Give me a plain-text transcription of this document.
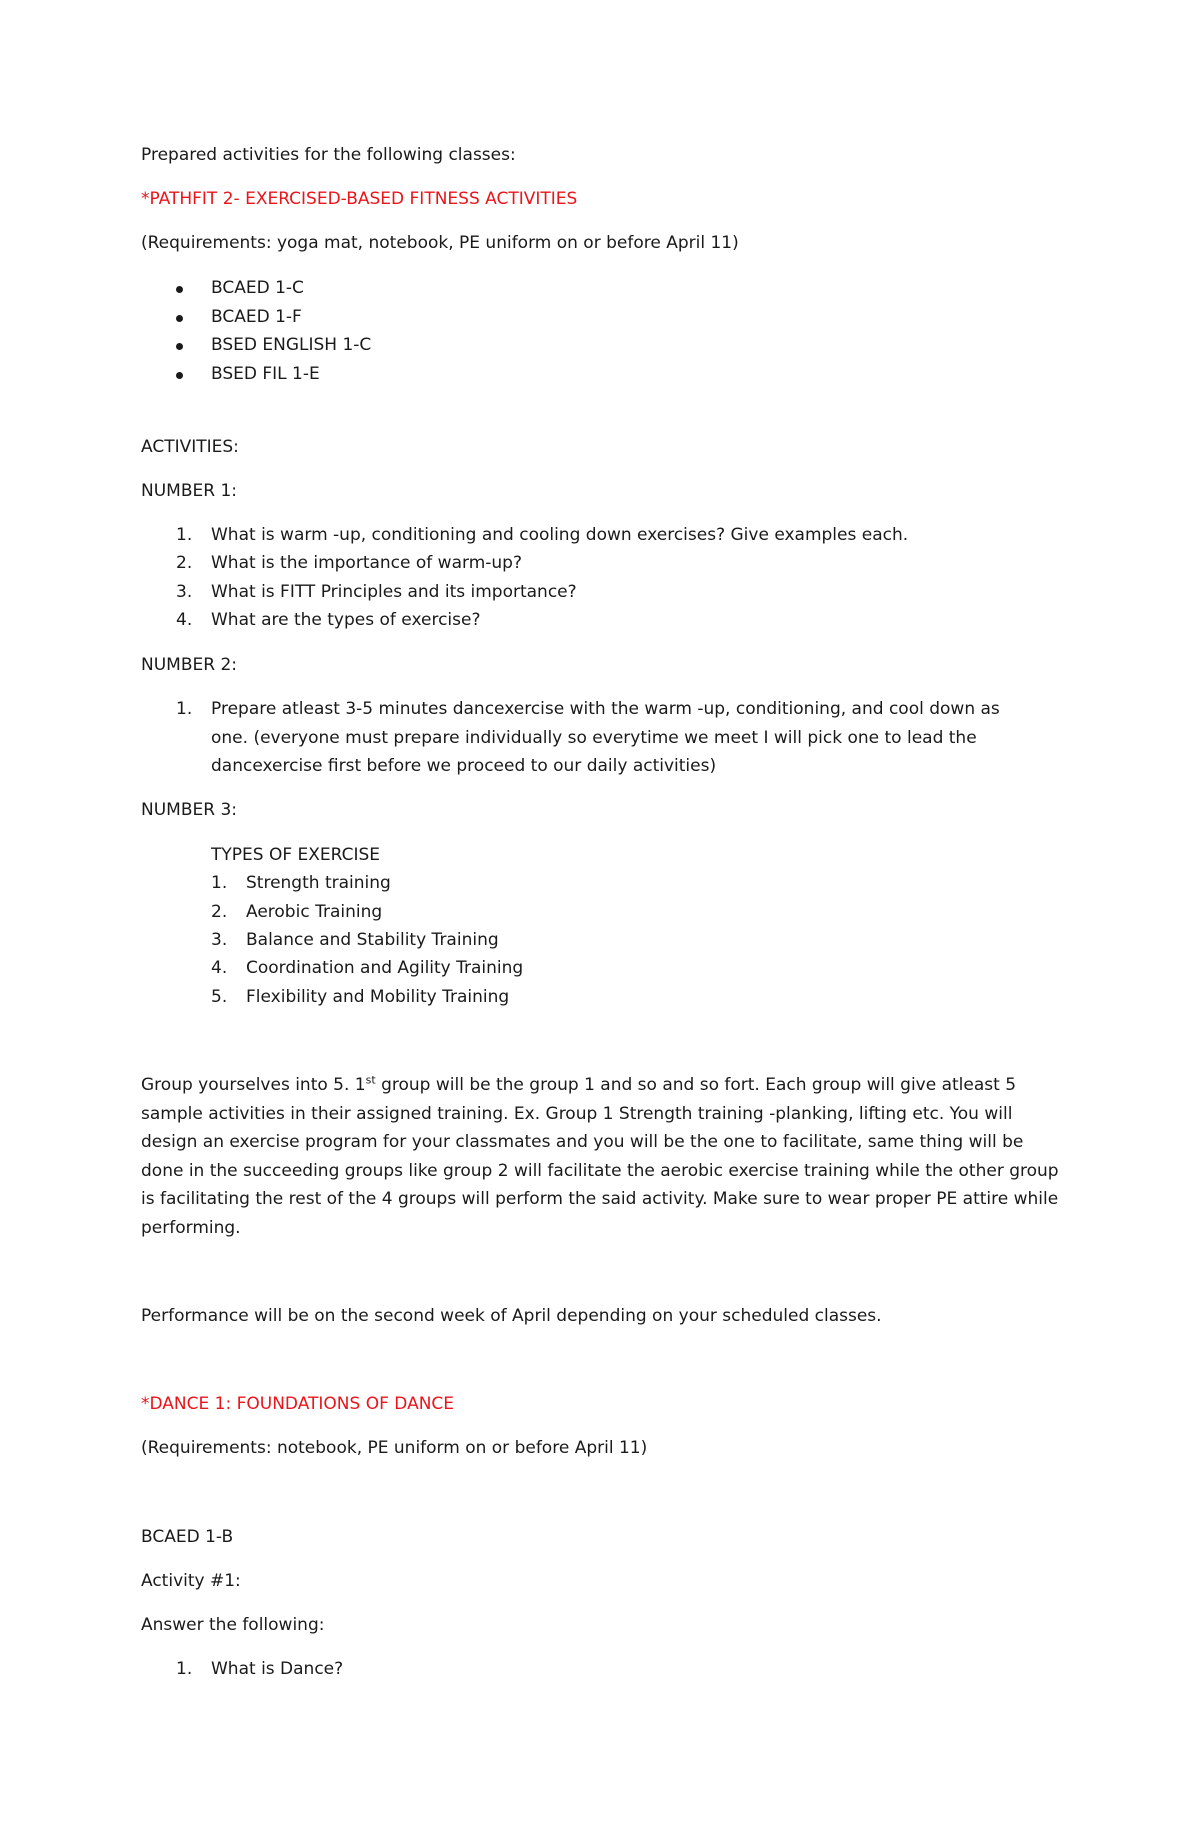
Prepared activities for the following classes:
*PATHFIT 2- EXERCISED-BASED FITNESS ACTIVITIES
(Requirements: yoga mat, notebook, PE uniform on or before April 11)
BCAED 1-C
BCAED 1-F
BSED ENGLISH 1-C
BSED FIL 1-E
ACTIVITIES:
NUMBER 1:
1. What is warm -up, conditioning and cooling down exercises? Give examples each.
2. What is the importance of warm-up?
3. What is FITT Principles and its importance?
4. What are the types of exercise?
NUMBER 2:
1. Prepare atleast 3-5 minutes dancexercise with the warm -up, conditioning, and cool down as
one. (everyone must prepare individually so everytime we meet I will pick one to lead the
dancexercise first before we proceed to our daily activities)
NUMBER 3:
TYPES OF EXERCISE
1. Strength training
2. Aerobic Training
3. Balance and Stability Training
4. Coordination and Agility Training
5. Flexibility and Mobility Training
Group yourselves into 5. 1st group will be the group 1 and so and so fort. Each group will give atleast 5 sample activities in their assigned training. Ex. Group 1 Strength training -planking, lifting etc. You will design an exercise program for your classmates and you will be the one to facilitate, same thing will be done in the succeeding groups like group 2 will facilitate the aerobic exercise training while the other group is facilitating the rest of the 4 groups will perform the said activity. Make sure to wear proper PE attire while performing.
Performance will be on the second week of April depending on your scheduled classes.
*DANCE 1: FOUNDATIONS OF DANCE
(Requirements: notebook, PE uniform on or before April 11)
BCAED 1-B
Activity #1:
Answer the following:
1. What is Dance?
